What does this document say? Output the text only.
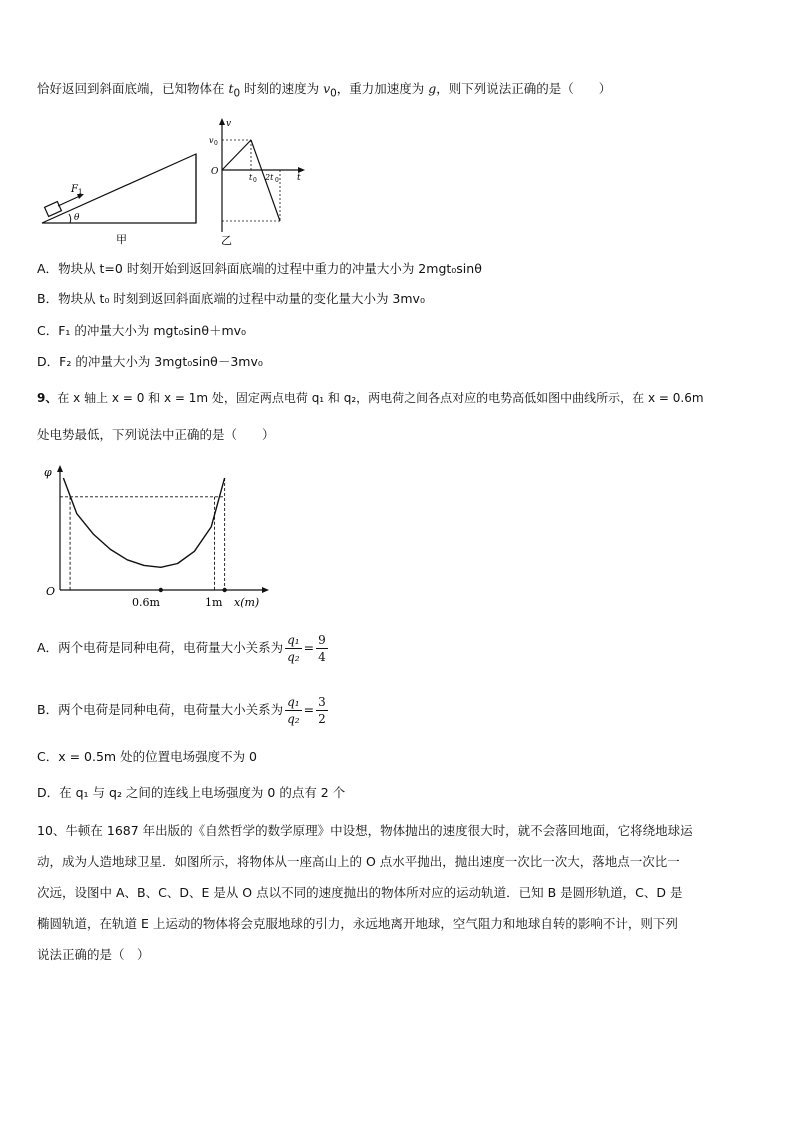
恰好返回到斜面底端，已知物体在 $t_0$ 时刻的速度为 $v_0$，重力加速度为 g，则下列说法正确的是（　　）
F 1
θ
甲
v
t
O
v 0
t 0 2t 0
乙
A．物块从 t=0 时刻开始到返回斜面底端的过程中重力的冲量大小为 2mgt₀sinθ
B．物块从 t₀ 时刻到返回斜面底端的过程中动量的变化量大小为 3mv₀
C．F₁ 的冲量大小为 mgt₀sinθ＋mv₀
D．F₂ 的冲量大小为 3mgt₀sinθ－3mv₀
9、在 x 轴上 x = 0 和 x = 1m 处，固定两点电荷 q₁ 和 q₂，两电荷之间各点对应的电势高低如图中曲线所示，在 x = 0.6m
处电势最低，下列说法中正确的是（　　）
φ
O
0.6m	1m x(m)
A．两个电荷是同种电荷，电荷量大小关系为 $\frac{\text{q₁}}{\text{q₂}} = \frac{9}{4}$
B．两个电荷是同种电荷，电荷量大小关系为 $\frac{\text{q₁}}{\text{q₂}} = \frac{3}{2}$
C．x = 0.5m 处的位置电场强度不为 0
D．在 q₁ 与 q₂ 之间的连线上电场强度为 0 的点有 2 个
10、牛顿在 1687 年出版的《自然哲学的数学原理》中设想，物体抛出的速度很大时，就不会落回地面，它将绕地球运
动，成为人造地球卫星．如图所示，将物体从一座高山上的 O 点水平抛出，抛出速度一次比一次大，落地点一次比一
次远，设图中 A、B、C、D、E 是从 O 点以不同的速度抛出的物体所对应的运动轨道．已知 B 是圆形轨道，C、D 是
椭圆轨道，在轨道 E 上运动的物体将会克服地球的引力，永远地离开地球，空气阻力和地球自转的影响不计，则下列
说法正确的是（　）
